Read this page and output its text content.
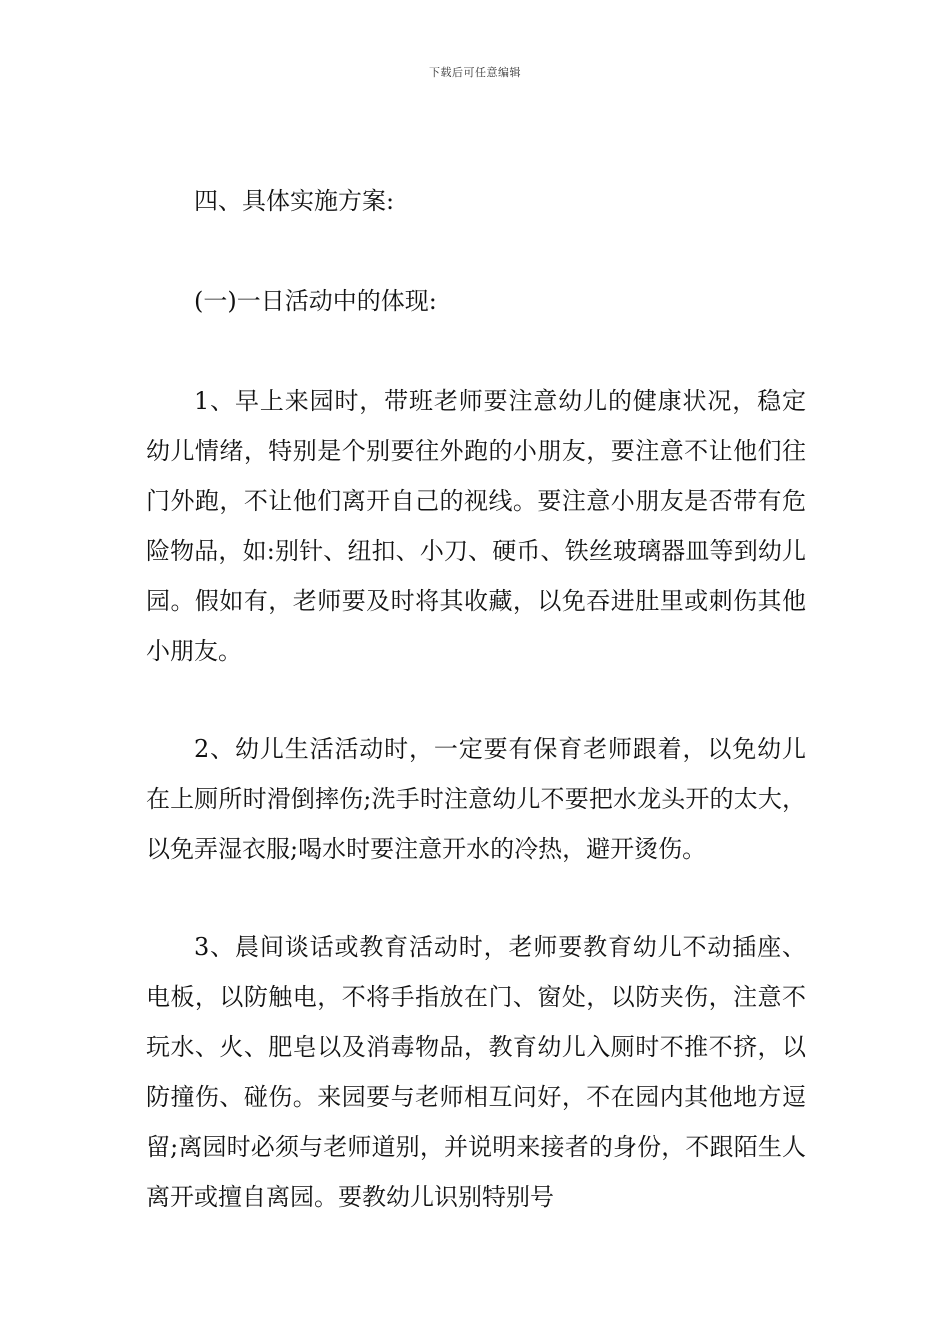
下载后可任意编辑

四、具体实施方案:

(一)一日活动中的体现:

1、早上来园时，带班老师要注意幼儿的健康状况，稳定幼儿情绪，特别是个别要往外跑的小朋友，要注意不让他们往门外跑，不让他们离开自己的视线。要注意小朋友是否带有危险物品，如:别针、纽扣、小刀、硬币、铁丝玻璃器皿等到幼儿园。假如有，老师要及时将其收藏，以免吞进肚里或刺伤其他小朋友。

2、幼儿生活活动时，一定要有保育老师跟着，以免幼儿在上厕所时滑倒摔伤;洗手时注意幼儿不要把水龙头开的太大，以免弄湿衣服;喝水时要注意开水的冷热，避开烫伤。

3、晨间谈话或教育活动时，老师要教育幼儿不动插座、电板，以防触电，不将手指放在门、窗处，以防夹伤，注意不玩水、火、肥皂以及消毒物品，教育幼儿入厕时不推不挤，以防撞伤、碰伤。来园要与老师相互问好，不在园内其他地方逗留;离园时必须与老师道别，并说明来接者的身份，不跟陌生人离开或擅自离园。要教幼儿识别特别号
